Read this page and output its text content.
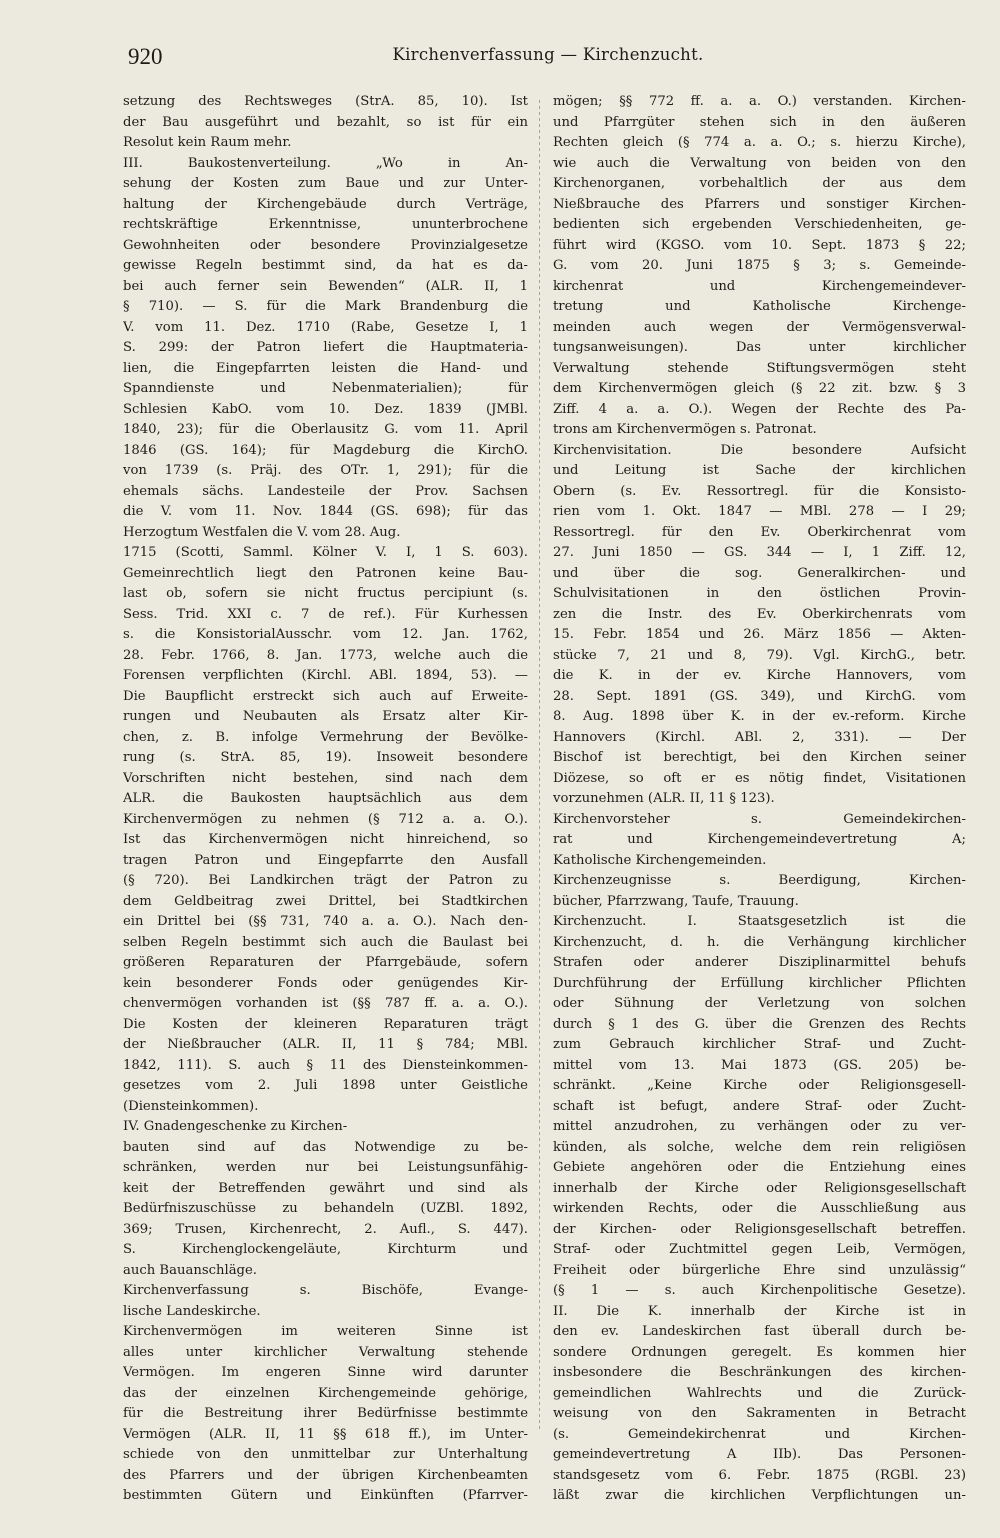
920	Kirchenverfassung — Kirchenzucht.
setzung des Rechtsweges (StrA. 85, 10). Ist
der Bau ausgeführt und bezahlt, so ist für ein
Resolut kein Raum mehr.
III. Baukostenverteilung. „Wo in An-
sehung der Kosten zum Baue und zur Unter-
haltung der Kirchengebäude durch Verträge,
rechtskräftige Erkenntnisse, ununterbrochene
Gewohnheiten oder besondere Provinzialgesetze
gewisse Regeln bestimmt sind, da hat es da-
bei auch ferner sein Bewenden“ (ALR. II, 1
§ 710). — S. für die Mark Brandenburg die
V. vom 11. Dez. 1710 (Rabe, Gesetze I, 1
S. 299: der Patron liefert die Hauptmateria-
lien, die Eingepfarrten leisten die Hand- und
Spanndienste und Nebenmaterialien); für
Schlesien KabO. vom 10. Dez. 1839 (JMBl.
1840, 23); für die Oberlausitz G. vom 11. April
1846 (GS. 164); für Magdeburg die KirchO.
von 1739 (s. Präj. des OTr. 1, 291); für die
ehemals sächs. Landesteile der Prov. Sachsen
die V. vom 11. Nov. 1844 (GS. 698); für das
Herzogtum Westfalen die V. vom 28. Aug.
1715 (Scotti, Samml. Kölner V. I, 1 S. 603).
Gemeinrechtlich liegt den Patronen keine Bau-
last ob, sofern sie nicht fructus percipiunt (s.
Sess. Trid. XXI c. 7 de ref.). Für Kurhessen
s. die KonsistorialAusschr. vom 12. Jan. 1762,
28. Febr. 1766, 8. Jan. 1773, welche auch die
Forensen verpflichten (Kirchl. ABl. 1894, 53). —
Die Baupflicht erstreckt sich auch auf Erweite-
rungen und Neubauten als Ersatz alter Kir-
chen, z. B. infolge Vermehrung der Bevölke-
rung (s. StrA. 85, 19). Insoweit besondere
Vorschriften nicht bestehen, sind nach dem
ALR. die Baukosten hauptsächlich aus dem
Kirchenvermögen zu nehmen (§ 712 a. a. O.).
Ist das Kirchenvermögen nicht hinreichend, so
tragen Patron und Eingepfarrte den Ausfall
(§ 720). Bei Landkirchen trägt der Patron zu
dem Geldbeitrag zwei Drittel, bei Stadtkirchen
ein Drittel bei (§§ 731, 740 a. a. O.). Nach den-
selben Regeln bestimmt sich auch die Baulast bei
größeren Reparaturen der Pfarrgebäude, sofern
kein besonderer Fonds oder genügendes Kir-
chenvermögen vorhanden ist (§§ 787 ff. a. a. O.).
Die Kosten der kleineren Reparaturen trägt
der Nießbraucher (ALR. II, 11 § 784; MBl.
1842, 111). S. auch § 11 des Diensteinkommen-
gesetzes vom 2. Juli 1898 unter Geistliche
(Diensteinkommen).
IV. Gnadengeschenke zu Kirchen-
bauten sind auf das Notwendige zu be-
schränken, werden nur bei Leistungsunfähig-
keit der Betreffenden gewährt und sind als
Bedürfniszuschüsse zu behandeln (UZBl. 1892,
369; Trusen, Kirchenrecht, 2. Aufl., S. 447).
S. Kirchenglockengeläute, Kirchturm und
auch Bauanschläge.
Kirchenverfassung s. Bischöfe, Evange-
lische Landeskirche.
Kirchenvermögen im weiteren Sinne ist
alles unter kirchlicher Verwaltung stehende
Vermögen. Im engeren Sinne wird darunter
das der einzelnen Kirchengemeinde gehörige,
für die Bestreitung ihrer Bedürfnisse bestimmte
Vermögen (ALR. II, 11 §§ 618 ff.), im Unter-
schiede von den unmittelbar zur Unterhaltung
des Pfarrers und der übrigen Kirchenbeamten
bestimmten Gütern und Einkünften (Pfarrver-
mögen; §§ 772 ff. a. a. O.) verstanden. Kirchen-
und Pfarrgüter stehen sich in den äußeren
Rechten gleich (§ 774 a. a. O.; s. hierzu Kirche),
wie auch die Verwaltung von beiden von den
Kirchenorganen, vorbehaltlich der aus dem
Nießbrauche des Pfarrers und sonstiger Kirchen-
bedienten sich ergebenden Verschiedenheiten, ge-
führt wird (KGSO. vom 10. Sept. 1873 § 22;
G. vom 20. Juni 1875 § 3; s. Gemeinde-
kirchenrat und Kirchengemeindever-
tretung und Katholische Kirchenge-
meinden auch wegen der Vermögensverwal-
tungsanweisungen). Das unter kirchlicher
Verwaltung stehende Stiftungsvermögen steht
dem Kirchenvermögen gleich (§ 22 zit. bzw. § 3
Ziff. 4 a. a. O.). Wegen der Rechte des Pa-
trons am Kirchenvermögen s. Patronat.
Kirchenvisitation. Die besondere Aufsicht
und Leitung ist Sache der kirchlichen
Obern (s. Ev. Ressortregl. für die Konsisto-
rien vom 1. Okt. 1847 — MBl. 278 — I 29;
Ressortregl. für den Ev. Oberkirchenrat vom
27. Juni 1850 — GS. 344 — I, 1 Ziff. 12,
und über die sog. Generalkirchen- und
Schulvisitationen in den östlichen Provin-
zen die Instr. des Ev. Oberkirchenrats vom
15. Febr. 1854 und 26. März 1856 — Akten-
stücke 7, 21 und 8, 79). Vgl. KirchG., betr.
die K. in der ev. Kirche Hannovers, vom
28. Sept. 1891 (GS. 349), und KirchG. vom
8. Aug. 1898 über K. in der ev.-reform. Kirche
Hannovers (Kirchl. ABl. 2, 331). — Der
Bischof ist berechtigt, bei den Kirchen seiner
Diözese, so oft er es nötig findet, Visitationen
vorzunehmen (ALR. II, 11 § 123).
Kirchenvorsteher s. Gemeindekirchen-
rat und Kirchengemeindevertretung A;
Katholische Kirchengemeinden.
Kirchenzeugnisse s. Beerdigung, Kirchen-
bücher, Pfarrzwang, Taufe, Trauung.
Kirchenzucht. I. Staatsgesetzlich ist die
Kirchenzucht, d. h. die Verhängung kirchlicher
Strafen oder anderer Disziplinarmittel behufs
Durchführung der Erfüllung kirchlicher Pflichten
oder Sühnung der Verletzung von solchen
durch § 1 des G. über die Grenzen des Rechts
zum Gebrauch kirchlicher Straf- und Zucht-
mittel vom 13. Mai 1873 (GS. 205) be-
schränkt. „Keine Kirche oder Religionsgesell-
schaft ist befugt, andere Straf- oder Zucht-
mittel anzudrohen, zu verhängen oder zu ver-
künden, als solche, welche dem rein religiösen
Gebiete angehören oder die Entziehung eines
innerhalb der Kirche oder Religionsgesellschaft
wirkenden Rechts, oder die Ausschließung aus
der Kirchen- oder Religionsgesellschaft betreffen.
Straf- oder Zuchtmittel gegen Leib, Vermögen,
Freiheit oder bürgerliche Ehre sind unzulässig“
(§ 1 — s. auch Kirchenpolitische Gesetze).
II. Die K. innerhalb der Kirche ist in
den ev. Landeskirchen fast überall durch be-
sondere Ordnungen geregelt. Es kommen hier
insbesondere die Beschränkungen des kirchen-
gemeindlichen Wahlrechts und die Zurück-
weisung von den Sakramenten in Betracht
(s. Gemeindekirchenrat und Kirchen-
gemeindevertretung A IIb). Das Personen-
standsgesetz vom 6. Febr. 1875 (RGBl. 23)
läßt zwar die kirchlichen Verpflichtungen un-
